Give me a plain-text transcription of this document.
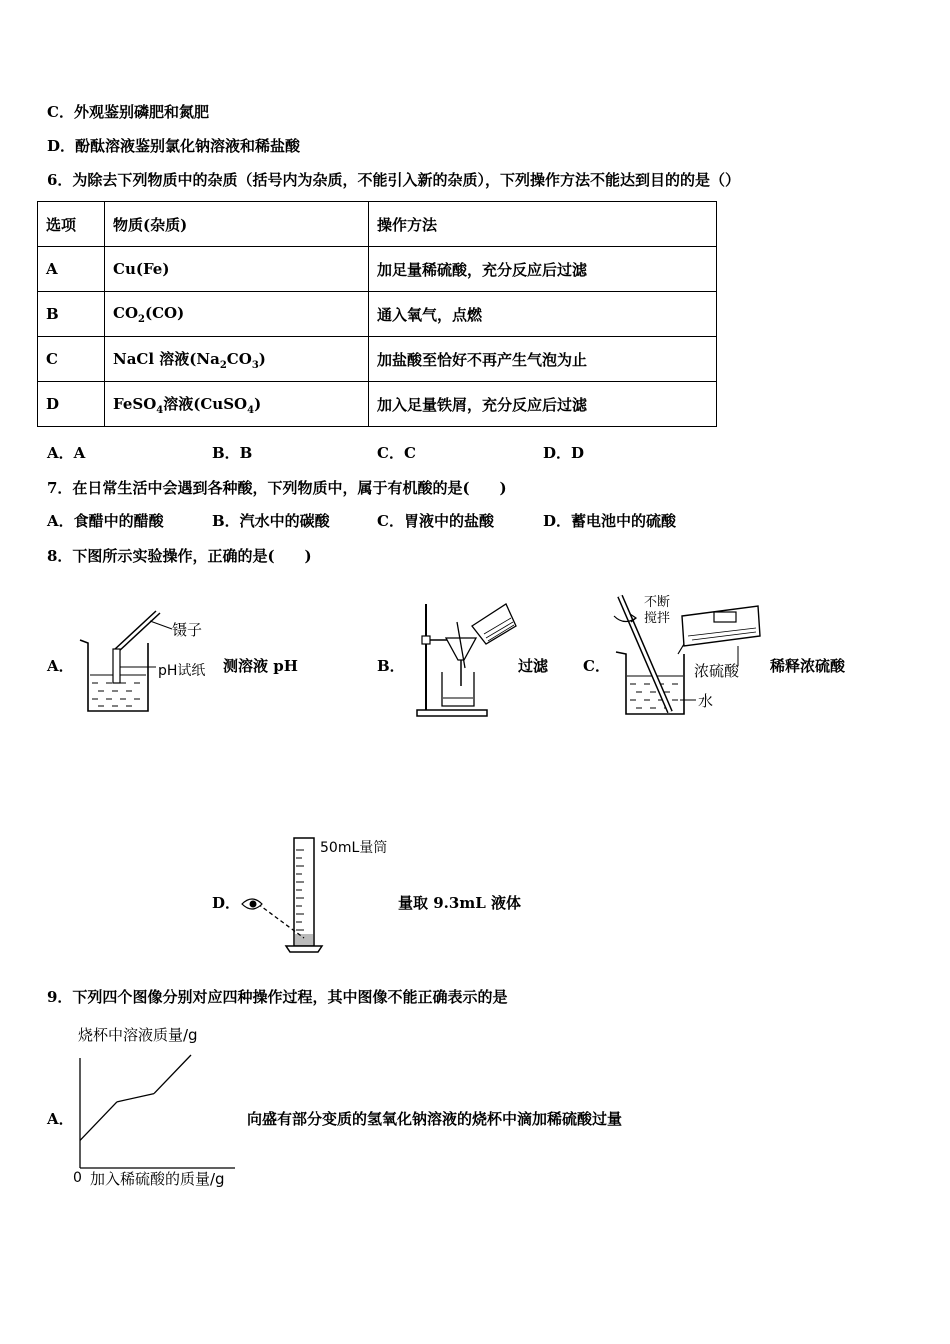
C．外观鉴别磷肥和氮肥
D．酚酞溶液鉴别氯化钠溶液和稀盐酸
6．为除去下列物质中的杂质（括号内为杂质，不能引入新的杂质），下列操作方法不能达到目的的是（）
选项	物质(杂质)	操作方法
A	Cu(Fe)	加足量稀硫酸，充分反应后过滤
B	$CO_2(CO)$	通入氧气，点燃
C	NaCl 溶液$(Na_2CO_3)$	加盐酸至恰好不再产生气泡为止
D	FeSO$_4$溶液(CuSO$_4$)	加入足量铁屑，充分反应后过滤
A．A	B．B	C．C	D．D
7．在日常生活中会遇到各种酸，下列物质中，属于有机酸的是(　　)
A．食醋中的醋酸	B．汽水中的碳酸	C．胃液中的盐酸	D．蓄电池中的硫酸
8．下图所示实验操作，正确的是(　　)
A．
镊子
pH试纸 测溶液 pH	B．	过滤 C．
不断
搅拌
浓硫酸
水
稀释浓硫酸
D．
50mL量筒
量取 9.3mL 液体
9．下列四个图像分别对应四种操作过程，其中图像不能正确表示的是
A．
烧杯中溶液质量/g
0 加入稀硫酸的质量/g
向盛有部分变质的氢氧化钠溶液的烧杯中滴加稀硫酸过量
